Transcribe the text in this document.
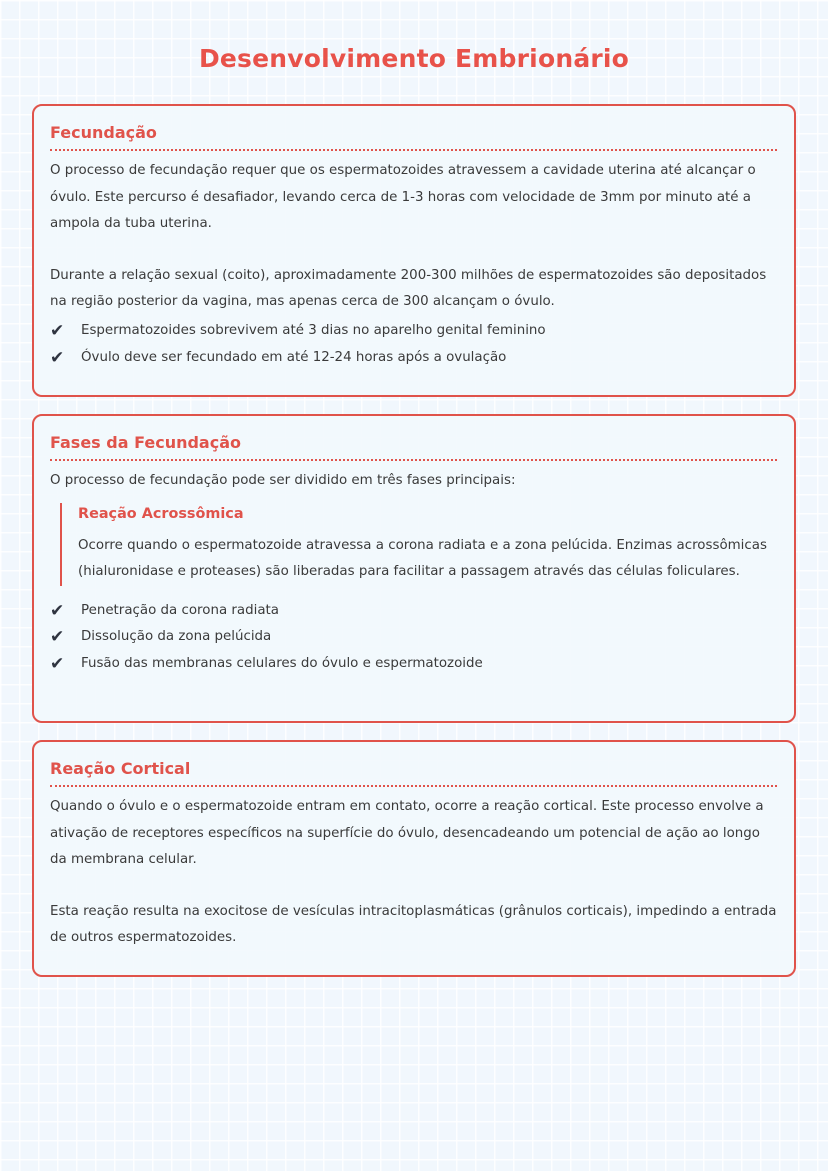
Desenvolvimento Embrionário
Fecundação

O processo de fecundação requer que os espermatozoides atravessem a cavidade uterina até alcançar o óvulo. Este percurso é desafiador, levando cerca de 1-3 horas com velocidade de 3mm por minuto até a ampola da tuba uterina.

Durante a relação sexual (coito), aproximadamente 200-300 milhões de espermatozoides são depositados na região posterior da vagina, mas apenas cerca de 300 alcançam o óvulo.

✔	Espermatozoides sobrevivem até 3 dias no aparelho genital feminino
✔	Óvulo deve ser fecundado em até 12-24 horas após a ovulação
Fases da Fecundação

O processo de fecundação pode ser dividido em três fases principais:

Reação Acrossômica

Ocorre quando o espermatozoide atravessa a corona radiata e a zona pelúcida. Enzimas acrossômicas (hialuronidase e proteases) são liberadas para facilitar a passagem através das células foliculares.

✔	Penetração da corona radiata
✔	Dissolução da zona pelúcida
✔	Fusão das membranas celulares do óvulo e espermatozoide
Reação Cortical

Quando o óvulo e o espermatozoide entram em contato, ocorre a reação cortical. Este processo envolve a ativação de receptores específicos na superfície do óvulo, desencadeando um potencial de ação ao longo da membrana celular.

Esta reação resulta na exocitose de vesículas intracitoplasmáticas (grânulos corticais), impedindo a entrada de outros espermatozoides.
